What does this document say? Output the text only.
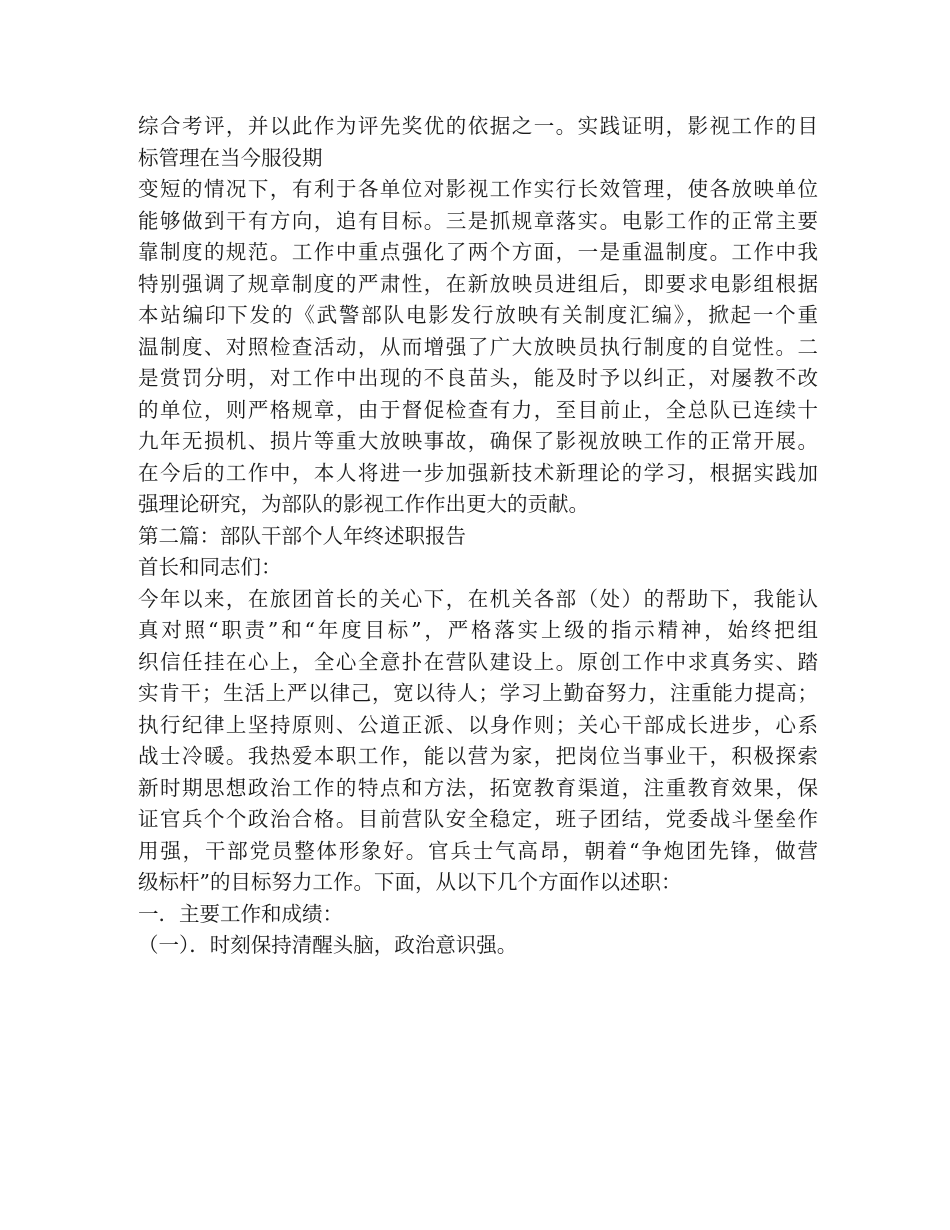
综合考评，并以此作为评先奖优的依据之一。实践证明，影视工作的目
标管理在当今服役期
变短的情况下，有利于各单位对影视工作实行长效管理，使各放映单位
能够做到干有方向，追有目标。三是抓规章落实。电影工作的正常主要
靠制度的规范。工作中重点强化了两个方面，一是重温制度。工作中我
特别强调了规章制度的严肃性，在新放映员进组后，即要求电影组根据
本站编印下发的《武警部队电影发行放映有关制度汇编》，掀起一个重
温制度、对照检查活动，从而增强了广大放映员执行制度的自觉性。二
是赏罚分明，对工作中出现的不良苗头，能及时予以纠正，对屡教不改
的单位，则严格规章，由于督促检查有力，至目前止，全总队已连续十
九年无损机、损片等重大放映事故，确保了影视放映工作的正常开展。
在今后的工作中，本人将进一步加强新技术新理论的学习，根据实践加
强理论研究，为部队的影视工作作出更大的贡献。
第二篇：部队干部个人年终述职报告
首长和同志们：
今年以来，在旅团首长的关心下，在机关各部（处）的帮助下，我能认
真对照“职责”和“年度目标”，严格落实上级的指示精神，始终把组
织信任挂在心上，全心全意扑在营队建设上。原创工作中求真务实、踏
实肯干；生活上严以律己，宽以待人；学习上勤奋努力，注重能力提高；
执行纪律上坚持原则、公道正派、以身作则；关心干部成长进步，心系
战士冷暖。我热爱本职工作，能以营为家，把岗位当事业干，积极探索
新时期思想政治工作的特点和方法，拓宽教育渠道，注重教育效果，保
证官兵个个政治合格。目前营队安全稳定，班子团结，党委战斗堡垒作
用强，干部党员整体形象好。官兵士气高昂，朝着“争炮团先锋，做营
级标杆”的目标努力工作。下面，从以下几个方面作以述职：
一．主要工作和成绩：
（一）．时刻保持清醒头脑，政治意识强。
